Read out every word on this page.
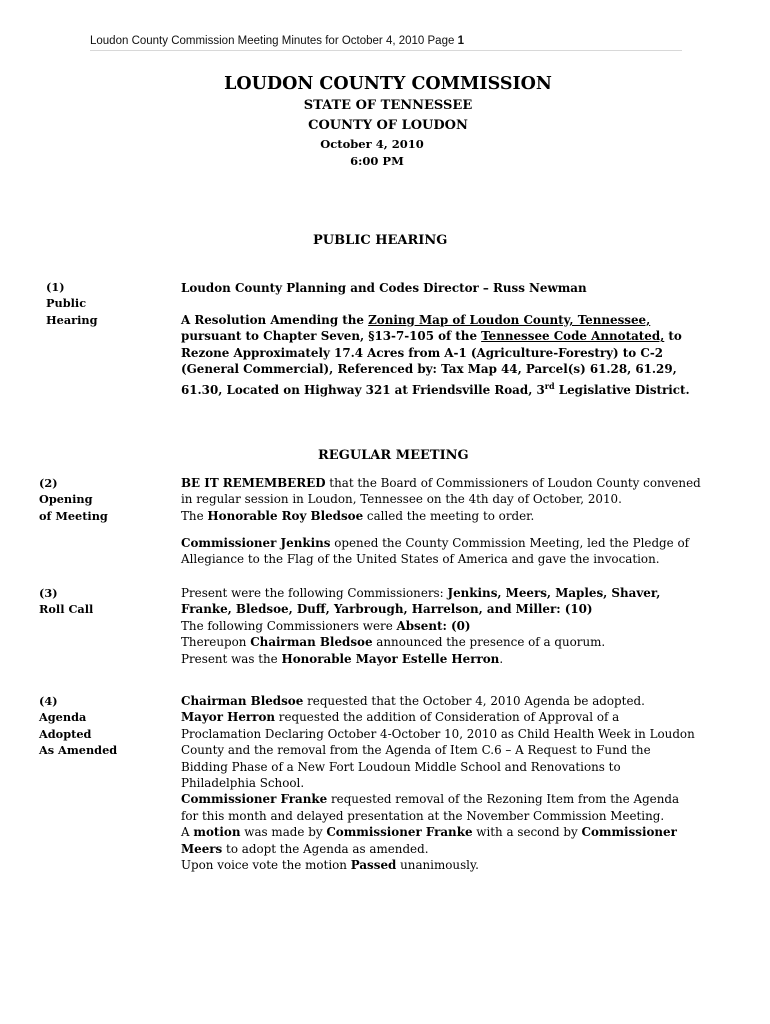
Loudon County Commission Meeting Minutes for October 4, 2010 Page 1
LOUDON COUNTY COMMISSION
STATE OF TENNESSEE
COUNTY OF LOUDON
October 4, 2010
6:00 PM
PUBLIC HEARING
(1)
Public
Hearing
Loudon County Planning and Codes Director – Russ Newman
A Resolution Amending the Zoning Map of Loudon County, Tennessee,
pursuant to Chapter Seven, §13-7-105 of the Tennessee Code Annotated, to
Rezone Approximately 17.4 Acres from A-1 (Agriculture-Forestry) to C-2
(General Commercial), Referenced by: Tax Map 44, Parcel(s) 61.28, 61.29,
61.30, Located on Highway 321 at Friendsville Road, 3rd Legislative District.
REGULAR MEETING
(2)
Opening
of Meeting
BE IT REMEMBERED that the Board of Commissioners of Loudon County convened
in regular session in Loudon, Tennessee on the 4th day of October, 2010.
The Honorable Roy Bledsoe called the meeting to order.
Commissioner Jenkins opened the County Commission Meeting, led the Pledge of
Allegiance to the Flag of the United States of America and gave the invocation.
(3)
Roll Call
Present were the following Commissioners: Jenkins, Meers, Maples, Shaver,
Franke, Bledsoe, Duff, Yarbrough, Harrelson, and Miller: (10)
The following Commissioners were Absent: (0)
Thereupon Chairman Bledsoe announced the presence of a quorum.
Present was the Honorable Mayor Estelle Herron.
(4)
Agenda
Adopted
As Amended
Chairman Bledsoe requested that the October 4, 2010 Agenda be adopted.
Mayor Herron requested the addition of Consideration of Approval of a
Proclamation Declaring October 4-October 10, 2010 as Child Health Week in Loudon
County and the removal from the Agenda of Item C.6 – A Request to Fund the
Bidding Phase of a New Fort Loudoun Middle School and Renovations to
Philadelphia School.
Commissioner Franke requested removal of the Rezoning Item from the Agenda
for this month and delayed presentation at the November Commission Meeting.
A motion was made by Commissioner Franke with a second by Commissioner
Meers to adopt the Agenda as amended.
Upon voice vote the motion Passed unanimously.
